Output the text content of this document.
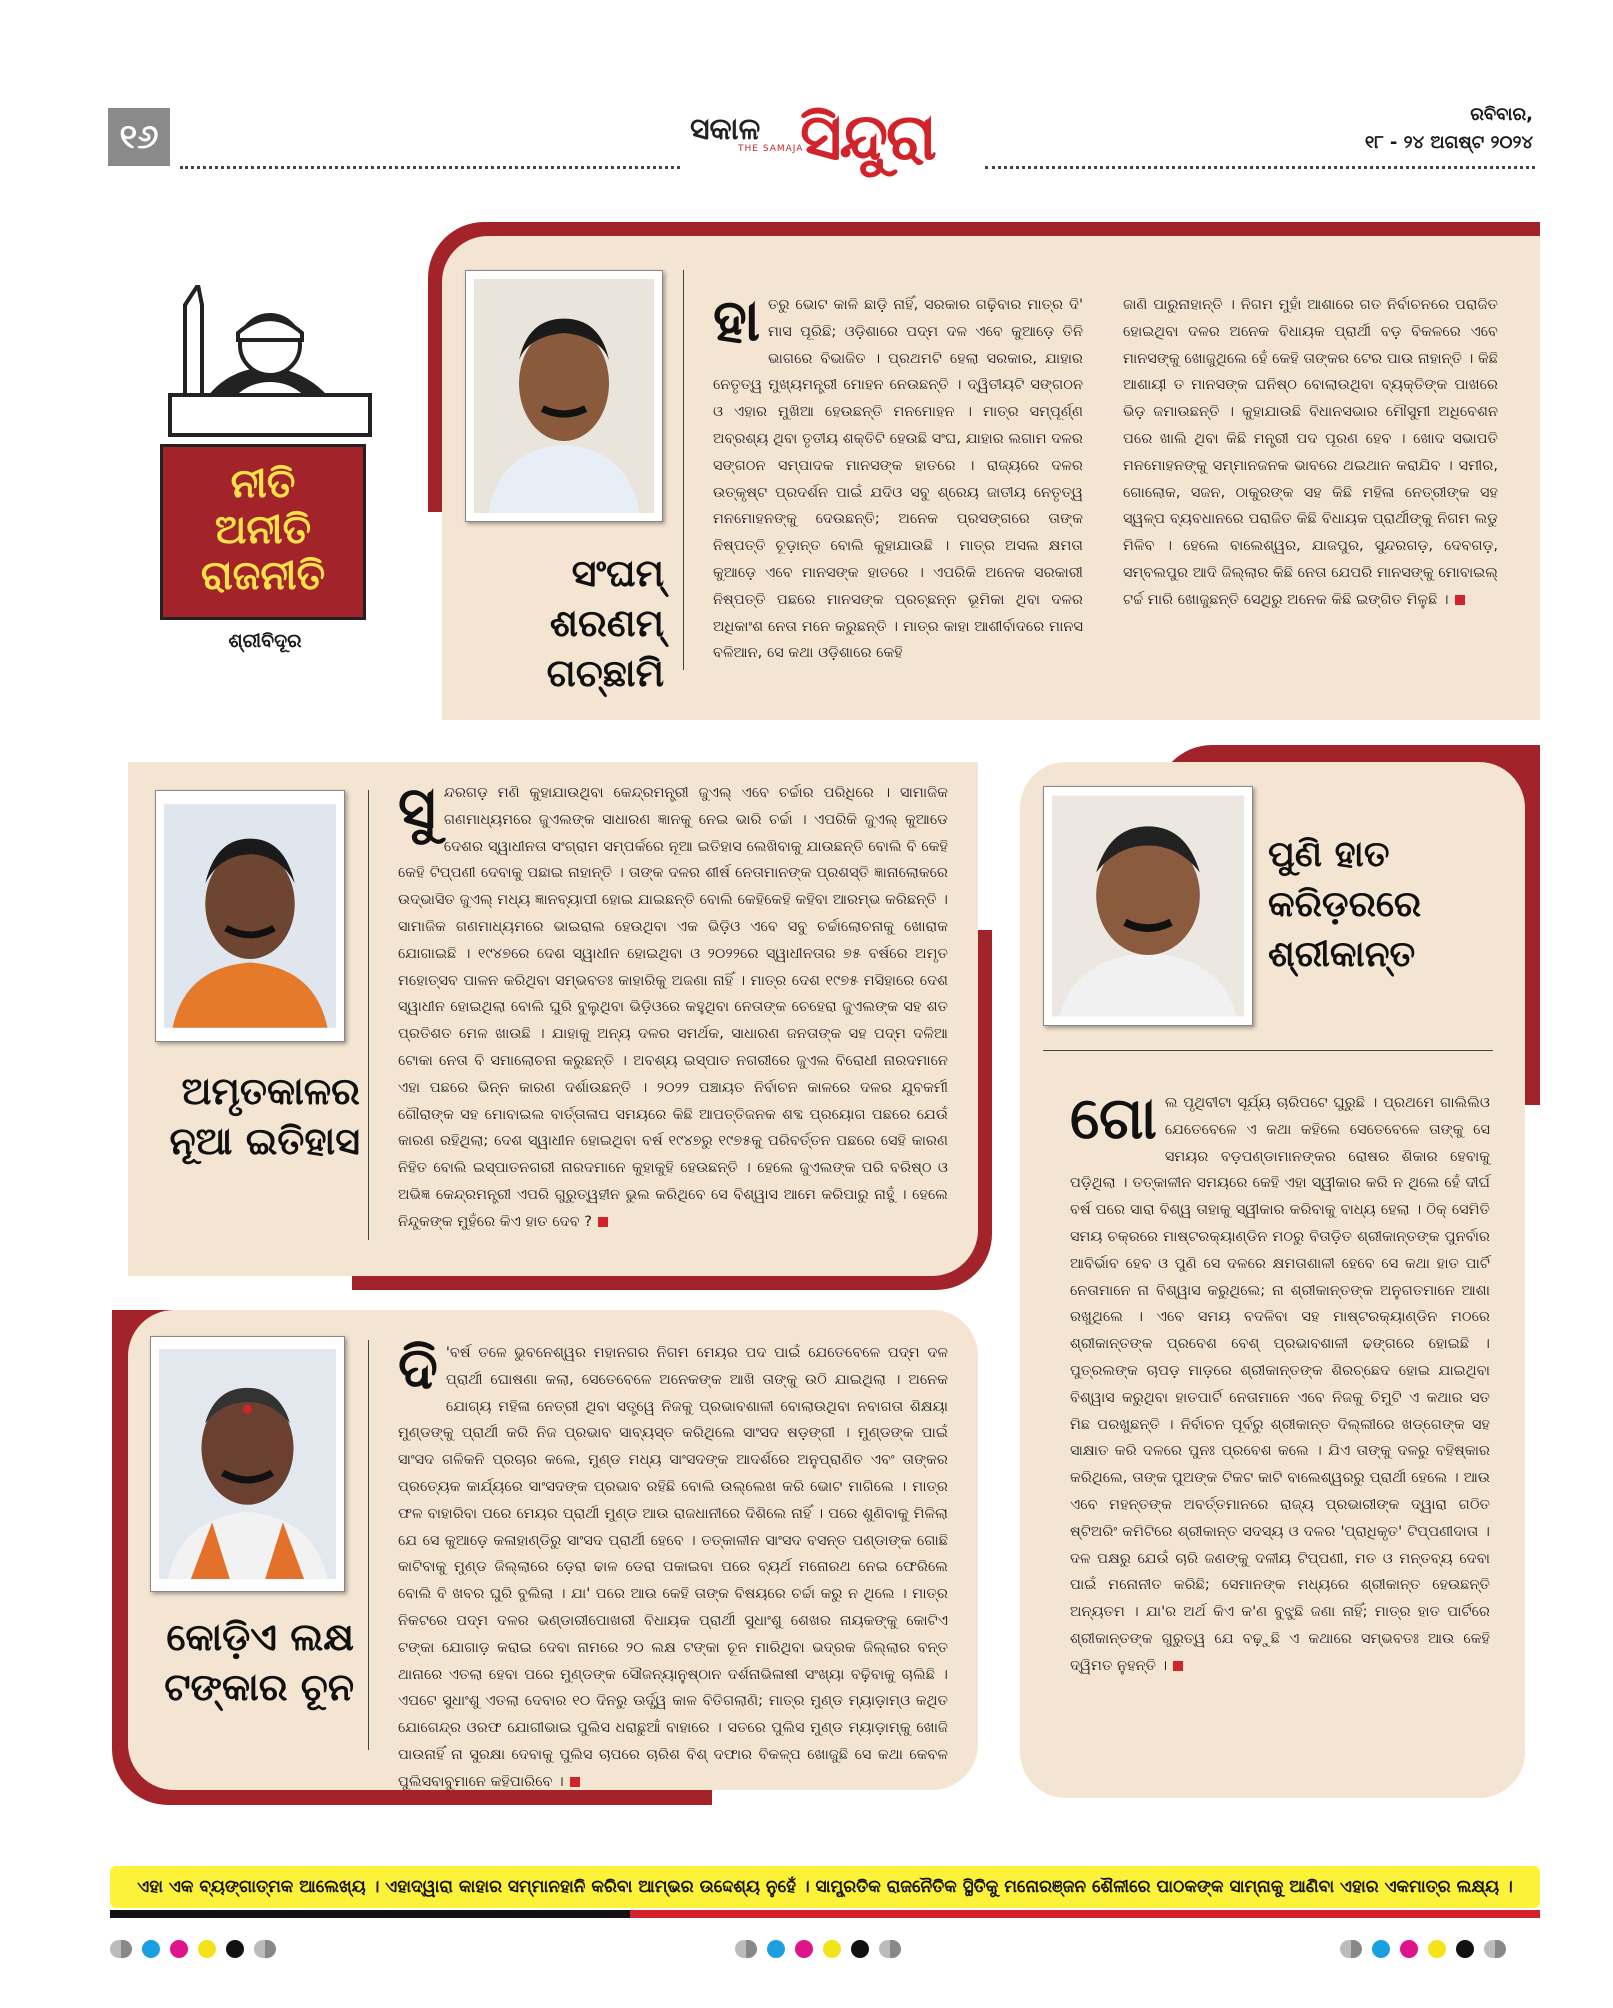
୧୬	ସକାଳ
THE SAMAJA
ସିନ୍ଦୁରା	ରବିବାର,
୧୮ - ୨୪ ଅଗଷ୍ଟ ୨୦୨୪
ନୀତି
ଅନୀତି
ରାଜନୀତି
ଶ୍ରୀବିଦୂର
ସଂଘମ୍ ଶରଣମ୍
ଗଚ୍ଛାମି
ହାତରୁ ଭୋଟ କାଳି ଛାଡ଼ି ନାହିଁ, ସରକାର ଗଢ଼ିବାର ମାତ୍ର ଦି' ମାସ ପୂରିଛି; ଓଡ଼ିଶାରେ ପଦ୍ମ ଦଳ ଏବେ କୁଆଡ଼େ ତିନି ଭାଗରେ ବିଭାଜିତ । ପ୍ରଥମଟି ହେଲା ସରକାର, ଯାହାର ନେତୃତ୍ୱ ମୁଖ୍ୟମନ୍ତ୍ରୀ ମୋହନ ନେଉଛନ୍ତି । ଦ୍ୱିତୀୟଟି ସଙ୍ଗଠନ ଓ ଏହାର ମୁଖିଆ ହେଉଛନ୍ତି ମନମୋହନ । ମାତ୍ର ସମ୍ପୂର୍ଣ୍ଣ ଅବ୍ରଶ୍ୟ ଥିବା ତୃତୀୟ ଶକ୍ତିଟି ହେଉଛି ସଂଘ, ଯାହାର ଲଗାମ ଦଳର ସଙ୍ଗଠନ ସମ୍ପାଦକ ମାନସଙ୍କ ହାତରେ । ରାଜ୍ୟରେ ଦଳର ଉତ୍କୃଷ୍ଟ ପ୍ରଦର୍ଶନ ପାଇଁ ଯଦିଓ ସବୁ ଶ୍ରେୟ ଜାତୀୟ ନେତୃତ୍ୱ ମନମୋହନଙ୍କୁ ଦେଉଛନ୍ତି; ଅନେକ ପ୍ରସଙ୍ଗରେ ତାଙ୍କ ନିଷ୍ପତ୍ତି ଚୂଡ଼ାନ୍ତ ବୋଲି କୁହାଯାଉଛି । ମାତ୍ର ଅସଲ କ୍ଷମତା କୁଆଡ଼େ ଏବେ ମାନସଙ୍କ ହାତରେ । ଏପରିକି ଅନେକ ସରକାରୀ ନିଷ୍ପତ୍ତି ପଛରେ ମାନସଙ୍କ ପ୍ରଚ୍ଛନ୍ନ ଭୂମିକା ଥିବା ଦଳର ଅଧିକାଂଶ ନେତା ମନେ କରୁଛନ୍ତି । ମାତ୍ର କାହା ଆଶୀର୍ବାଦରେ ମାନସ ବଳିଆନ, ସେ କଥା ଓଡ଼ିଶାରେ କେହି
ଜାଣି ପାରୁନାହାନ୍ତି । ନିଗମ ମୁହାଁ ଆଶାରେ ଗତ ନିର୍ବାଚନରେ ପରାଜିତ ହୋଇଥିବା ଦଳର ଅନେକ ବିଧାୟକ ପ୍ରାର୍ଥୀ ବଡ଼ ବିକଳରେ ଏବେ ମାନସଙ୍କୁ ଖୋଜୁଥିଲେ ହେଁ କେହି ତାଙ୍କର ଟେର ପାଉ ନାହାନ୍ତି । କିଛି ଆଶାୟୀ ତ ମାନସଙ୍କ ଘନିଷ୍ଠ ବୋଲାଉଥିବା ବ୍ୟକ୍ତିଙ୍କ ପାଖରେ ଭିଡ଼ ଜମାଉଛନ୍ତି । କୁହାଯାଉଛି ବିଧାନସଭାର ମୌସୁମୀ ଅଧିବେଶନ ପରେ ଖାଲି ଥିବା କିଛି ମନ୍ତ୍ରୀ ପଦ ପୂରଣ ହେବ । ଖୋଦ ସଭାପତି ମନମୋହନଙ୍କୁ ସମ୍ମାନଜନକ ଭାବରେ ଥଇଥାନ କରାଯିବ । ସମୀର, ଗୋଲୋକ, ସଜନ, ଠାକୁରଙ୍କ ସହ କିଛି ମହିଳା ନେତ୍ରୀଙ୍କ ସହ ସ୍ୱଳ୍ପ ବ୍ୟବଧାନରେ ପରାଜିତ କିଛି ବିଧାୟକ ପ୍ରାର୍ଥୀଙ୍କୁ ନିଗମ ଲଡୁ ମିଳିବ । ହେଲେ ବାଲେଶ୍ୱର, ଯାଜପୁର, ସୁନ୍ଦରଗଡ଼, ଦେବଗଡ଼, ସମ୍ବଲପୁର ଆଦି ଜିଲ୍ଲାର କିଛି ନେତା ଯେପରି ମାନସଙ୍କୁ ମୋବାଇଲ୍ ଟର୍ଚ୍ଚ ମାରି ଖୋଜୁଛନ୍ତି ସେଥିରୁ ଅନେକ କିଛି ଇଙ୍ଗିତ ମିଳୁଛି ।
ଅମୃତକାଳର
ନୂଆ ଇତିହାସ
ସୁନ୍ଦରଗଡ଼ ମଣି କୁହାଯାଉଥିବା କେନ୍ଦ୍ରମନ୍ତ୍ରୀ ଜୁଏଲ୍ ଏବେ ଚର୍ଚ୍ଚାର ପରିଧିରେ । ସାମାଜିକ ଗଣମାଧ୍ୟମରେ ଜୁଏଲଙ୍କ ସାଧାରଣ ଜ୍ଞାନକୁ ନେଇ ଭାରି ଚର୍ଚ୍ଚା । ଏପରିକି ଜୁଏଲ୍ କୁଆଡେ ଦେଶର ସ୍ୱାଧୀନତା ସଂଗ୍ରାମ ସମ୍ପର୍କରେ ନୂଆ ଇତିହାସ ଲେଖିବାକୁ ଯାଉଛନ୍ତି ବୋଲି ବି କେହି କେହି ଟିପ୍ପଣୀ ଦେବାକୁ ପଛାଇ ନାହାନ୍ତି । ତାଙ୍କ ଦଳର ଶୀର୍ଷ ନେତାମାନଙ୍କ ପ୍ରଶସ୍ତି ଜ୍ଞାନାଲୋକରେ ଉଦ୍ଭାସିତ ଜୁଏଲ୍ ମଧ୍ୟ ଜ୍ଞାନବ୍ୟାପୀ ହୋଇ ଯାଇଛନ୍ତି ବୋଲି କେହିକେହି କହିବା ଆରମ୍ଭ କରିଛନ୍ତି । ସାମାଜିକ ଗଣମାଧ୍ୟମରେ ଭାଇରାଲ ହେଉଥିବା ଏକ ଭିଡ଼ିଓ ଏବେ ସବୁ ଚର୍ଚ୍ଚାଲୋଚନାକୁ ଖୋରାକ ଯୋଗାଇଛି । ୧୯୪୭ରେ ଦେଶ ସ୍ୱାଧୀନ ହୋଇଥିବା ଓ ୨୦୨୨ରେ ସ୍ୱାଧୀନତାର ୭୫ ବର୍ଷରେ ଅମୃତ ମହୋତ୍ସବ ପାଳନ କରିଥିବା ସମ୍ଭବତଃ କାହାରିକୁ ଅଜଣା ନାହିଁ । ମାତ୍ର ଦେଶ ୧୯୭୫ ମସିହାରେ ଦେଶ ସ୍ୱାଧୀନ ହୋଇଥିଲା ବୋଲି ଘୁରି ବୁଲୁଥିବା ଭିଡ଼ିଓରେ କହୁଥିବା ନେତାଙ୍କ ଚେହେରା ଜୁଏଲଙ୍କ ସହ ଶତ ପ୍ରତିଶତ ମେଳ ଖାଉଛି । ଯାହାକୁ ଅନ୍ୟ ଦଳର ସମର୍ଥକ, ସାଧାରଣ ଜନତାଙ୍କ ସହ ପଦ୍ମ ଦଳିଆ ଟୋକା ନେତା ବି ସମାଲୋଚନା କରୁଛନ୍ତି । ଅବଶ୍ୟ ଇସ୍ପାତ ନଗରୀରେ ଜୁଏଲ ବିରୋଧୀ ନାରଦମାନେ ଏହା ପଛରେ ଭିନ୍ନ କାରଣ ଦର୍ଶାଉଛନ୍ତି । ୨୦୨୨ ପଞ୍ଚାୟତ ନିର୍ବାଚନ କାଳରେ ଦଳର ଯୁବକର୍ମୀ ଗୌରାଙ୍କ ସହ ମୋବାଇଲ ବାର୍ତ୍ତାଳାପ ସମୟରେ କିଛି ଆପତ୍ତିଜନକ ଶବ୍ଦ ପ୍ରୟୋଗ ପଛରେ ଯେଉଁ କାରଣ ରହିଥିଲା; ଦେଶ ସ୍ୱାଧୀନ ହୋଇଥିବା ବର୍ଷ ୧୯୪୭ରୁ ୧୯୭୫କୁ ପରିବର୍ତ୍ତନ ପଛରେ ସେହି କାରଣ ନିହିତ ବୋଲି ଇସ୍ପାତନଗରୀ ନାରଦମାନେ କୁହାକୁହି ହେଉଛନ୍ତି । ହେଲେ ଜୁଏଲଙ୍କ ପରି ବରିଷ୍ଠ ଓ ଅଭିଜ୍ଞ କେନ୍ଦ୍ରମନ୍ତ୍ରୀ ଏପରି ଗୁରୁତ୍ୱହୀନ ଭୁଲ କରିଥିବେ ସେ ବିଶ୍ୱାସ ଆମେ କରିପାରୁ ନାହୁଁ । ହେଲେ ନିନ୍ଦୁକଙ୍କ ମୁହଁରେ କିଏ ହାତ ଦେବ ?
ପୁଣି ହାତ
କରିଡ଼ରରେ
ଶ୍ରୀକାନ୍ତ
ଗୋଲ ପୃଥିବୀଟା ସୂର୍ଯ୍ୟ ଚାରିପଟେ ଘୁରୁଛି । ପ୍ରଥମେ ଗାଲିଲିଓ ଯେତେବେଳେ ଏ କଥା କହିଲେ ସେତେବେଳେ ତାଙ୍କୁ ସେ ସମୟର ବଡ଼ପଣ୍ଡାମାନଙ୍କର ରୋଷର ଶିକାର ହେବାକୁ ପଡ଼ିଥିଲା । ତତ୍କାଳୀନ ସମୟରେ କେହି ଏହା ସ୍ୱୀକାର କରି ନ ଥିଲେ ହେଁ ଦୀର୍ଘ ବର୍ଷ ପରେ ସାରା ବିଶ୍ୱ ତାହାକୁ ସ୍ୱୀକାର କରିବାକୁ ବାଧ୍ୟ ହେଲା । ଠିକ୍ ସେମିତି ସମୟ ଚକ୍ରରେ ମାଷ୍ଟରକ୍ୟାଣ୍ଡିନ ମଠରୁ ବିତାଡ଼ିତ ଶ୍ରୀକାନ୍ତଙ୍କ ପୁନର୍ବାର ଆବିର୍ଭାବ ହେବ ଓ ପୁଣି ସେ ଦଳରେ କ୍ଷମତାଶାଳୀ ହେବେ ସେ କଥା ହାତ ପାର୍ଟି ନେତାମାନେ ନା ବିଶ୍ୱାସ କରୁଥିଲେ; ନା ଶ୍ରୀକାନ୍ତଙ୍କ ଅନୁଗତମାନେ ଆଶା ରଖୁଥିଲେ । ଏବେ ସମୟ ବଦଳିବା ସହ ମାଷ୍ଟରକ୍ୟାଣ୍ଡିନ ମଠରେ ଶ୍ରୀକାନ୍ତଙ୍କ ପ୍ରବେଶ ବେଶ୍ ପ୍ରଭାବଶାଳୀ ଢଙ୍ଗରେ ହୋଇଛି । ପୁତ୍ରଲଙ୍କ ଚାପଡ଼ ମାଡ଼ରେ ଶ୍ରୀକାନ୍ତଙ୍କ ଶିରଚ୍ଛେଦ ହୋଇ ଯାଇଥିବା ବିଶ୍ୱାସ କରୁଥିବା ହାତପାର୍ଟି ନେତାମାନେ ଏବେ ନିଜକୁ ଚିମୁଟି ଏ କଥାର ସତ ମିଛ ପରଖୁଛନ୍ତି । ନିର୍ବାଚନ ପୂର୍ବରୁ ଶ୍ରୀକାନ୍ତ ଦିଲ୍ଲୀରେ ଖଡ୍ଗେଙ୍କ ସହ ସାକ୍ଷାତ କରି ଦଳରେ ପୁନଃ ପ୍ରବେଶ କଲେ । ଯିଏ ତାଙ୍କୁ ଦଳରୁ ବହିଷ୍କାର କରିଥିଲେ, ତାଙ୍କ ପୁଅଙ୍କ ଟିକଟ କାଟି ବାଲେଶ୍ୱରରୁ ପ୍ରାର୍ଥୀ ହେଲେ । ଆଉ ଏବେ ମହନ୍ତଙ୍କ ଅବର୍ତ୍ତମାନରେ ରାଜ୍ୟ ପ୍ରଭାରୀଙ୍କ ଦ୍ୱାରା ଗଠିତ ଷ୍ଟିଅରିଂ କମିଟିରେ ଶ୍ରୀକାନ୍ତ ସଦସ୍ୟ ଓ ଦଳର 'ପ୍ରାଧିକୃତ' ଟିପ୍ପଣୀଦାତା । ଦଳ ପକ୍ଷରୁ ଯେଉଁ ଚାରି ଜଣଙ୍କୁ ଦଳୀୟ ଟିପ୍ପଣୀ, ମତ ଓ ମନ୍ତବ୍ୟ ଦେବା ପାଇଁ ମନୋନୀତ କରିଛି; ସେମାନଙ୍କ ମଧ୍ୟରେ ଶ୍ରୀକାନ୍ତ ହେଉଛନ୍ତି ଅନ୍ୟତମ । ଯା'ର ଅର୍ଥ କିଏ କ'ଣ ବୁଝୁଛି ଜଣା ନାହିଁ; ମାତ୍ର ହାତ ପାର୍ଟିରେ ଶ୍ରୀକାନ୍ତଙ୍କ ଗୁରୁତ୍ୱ ଯେ ବଢ଼ୁଛି ଏ କଥାରେ ସମ୍ଭବତଃ ଆଉ କେହି ଦ୍ୱିମତ ନୁହନ୍ତି ।
କୋଡ଼ିଏ ଲକ୍ଷ
ଟଙ୍କାର ଚୂନ
ଦି 'ବର୍ଷ ତଳେ ଭୁବନେଶ୍ୱର ମହାନଗର ନିଗମ ମେୟର ପଦ ପାଇଁ ଯେତେବେଳେ ପଦ୍ମ ଦଳ ପ୍ରାର୍ଥୀ ଘୋଷଣା କଲା, ସେତେବେଳେ ଅନେକଙ୍କ ଆଖି ତାଙ୍କୁ ଉଠି ଯାଇଥିଲା । ଅନେକ ଯୋଗ୍ୟ ମହିଳା ନେତ୍ରୀ ଥିବା ସତ୍ତ୍ୱେ ନିଜକୁ ପ୍ରଭାବଶାଳୀ ବୋଲାଉଥିବା ନବାଗତା ଶିକ୍ଷୟା ମୁଣ୍ଡଙ୍କୁ ପ୍ରାର୍ଥୀ କରି ନିଜ ପ୍ରଭାବ ସାବ୍ୟସ୍ତ କରିଥିଲେ ସାଂସଦ ଷଡ଼ଙ୍ଗୀ । ମୁଣ୍ଡଙ୍କ ପାଇଁ ସାଂସଦ ଗଳିକନି ପ୍ରଚାର କଲେ, ମୁଣ୍ଡ ମଧ୍ୟ ସାଂସଦଙ୍କ ଆଦର୍ଶରେ ଅନୁପ୍ରାଣିତ ଏବଂ ତାଙ୍କର ପ୍ରତ୍ୟେକ କାର୍ଯ୍ୟରେ ସାଂସଦଙ୍କ ପ୍ରଭାବ ରହିଛି ବୋଲି ଉଲ୍ଲେଖ କରି ଭୋଟ ମାଗିଲେ । ମାତ୍ର ଫଳ ବାହାରିବା ପରେ ମେୟର ପ୍ରାର୍ଥୀ ମୁଣ୍ଡ ଆଉ ରାଜଧାନୀରେ ଦିଶିଲେ ନାହିଁ । ପରେ ଶୁଣିବାକୁ ମିଳିଲା ଯେ ସେ କୁଆଡ଼େ କଳାହାଣ୍ଡିରୁ ସାଂସଦ ପ୍ରାର୍ଥୀ ହେବେ । ତତ୍କାଳୀନ ସାଂସଦ ବସନ୍ତ ପଣ୍ଡାଙ୍କ ଗୋଛି କାଟିବାକୁ ମୁଣ୍ଡ ଜିଲ୍ଲାରେ ଡ଼େରା ଢାଳ ଡେରା ପକାଇବା ପରେ ବ୍ୟର୍ଥ ମନୋରଥ ନେଇ ଫେରିଲେ ବୋଲି ବି ଖବର ଘୁରି ବୁଲିଲା । ଯା' ପରେ ଆଉ କେହି ତାଙ୍କ ବିଷୟରେ ଚର୍ଚ୍ଚା କରୁ ନ ଥିଲେ । ମାତ୍ର ନିକଟରେ ପଦ୍ମ ଦଳର ଭଣ୍ଡାରୀପୋଖରୀ ବିଧାୟକ ପ୍ରାର୍ଥୀ ସୁଧାଂଶୁ ଶେଖର ନାୟକଙ୍କୁ କୋଟିଏ ଟଙ୍କା ଯୋଗାଡ଼ କରାଇ ଦେବା ନାମରେ ୨୦ ଲକ୍ଷ ଟଙ୍କା ଚୂନ ମାରିଥିବା ଭଦ୍ରକ ଜିଲ୍ଲାର ବନ୍ତ ଥାନାରେ ଏତଲା ହେବା ପରେ ମୁଣ୍ଡଙ୍କ ସୌଜନ୍ୟାନୁଷ୍ଠାନ ଦର୍ଶନାଭିଳାଷୀ ସଂଖ୍ୟା ବଢ଼ିବାକୁ ଚାଲିଛି । ଏପଟେ ସୁଧାଂଶୁ ଏତଲା ଦେବାର ୧୦ ଦିନରୁ ଊର୍ଦ୍ଧ୍ୱ କାଳ ବିତିଗଲାଣି; ମାତ୍ର ମୁଣ୍ଡ ମ୍ୟାଡ଼ାମ୍‌ଓ କଥିତ ଯୋଗେନ୍ଦ୍ର ଓରଫ ଯୋଗୀଭାଇ ପୁଲିସ ଧରାଛୁଆଁ ବାହାରେ । ସତରେ ପୁଲିସ ମୁଣ୍ଡ ମ୍ୟାଡ଼ାମ୍‌କୁ ଖୋଜି ପାଉନାହିଁ ନା ସୁରକ୍ଷା ଦେବାକୁ ପୁଲିସ ଚାପରେ ଚାରିଶ ବିଶ୍ ଦଫାର ବିକଳ୍ପ ଖୋଜୁଛି ସେ କଥା କେବଳ ପୁଲିସବାବୁମାନେ କହିପାରିବେ ।
ଏହା ଏକ ବ୍ୟଙ୍ଗାତ୍ମକ ଆଲେଖ୍ୟ । ଏହାଦ୍ୱାରା କାହାର ସମ୍ମାନହାନି କରିବା ଆମ୍ଭର ଉଦ୍ଦେଶ୍ୟ ନୁହେଁ । ସାମ୍ପ୍ରତିକ ରାଜନୈତିକ ସ୍ଥିତିକୁ ମନୋରଞ୍ଜନ ଶୈଳୀରେ ପାଠକଙ୍କ ସାମ୍ନାକୁ ଆଣିବା ଏହାର ଏକମାତ୍ର ଲକ୍ଷ୍ୟ ।
